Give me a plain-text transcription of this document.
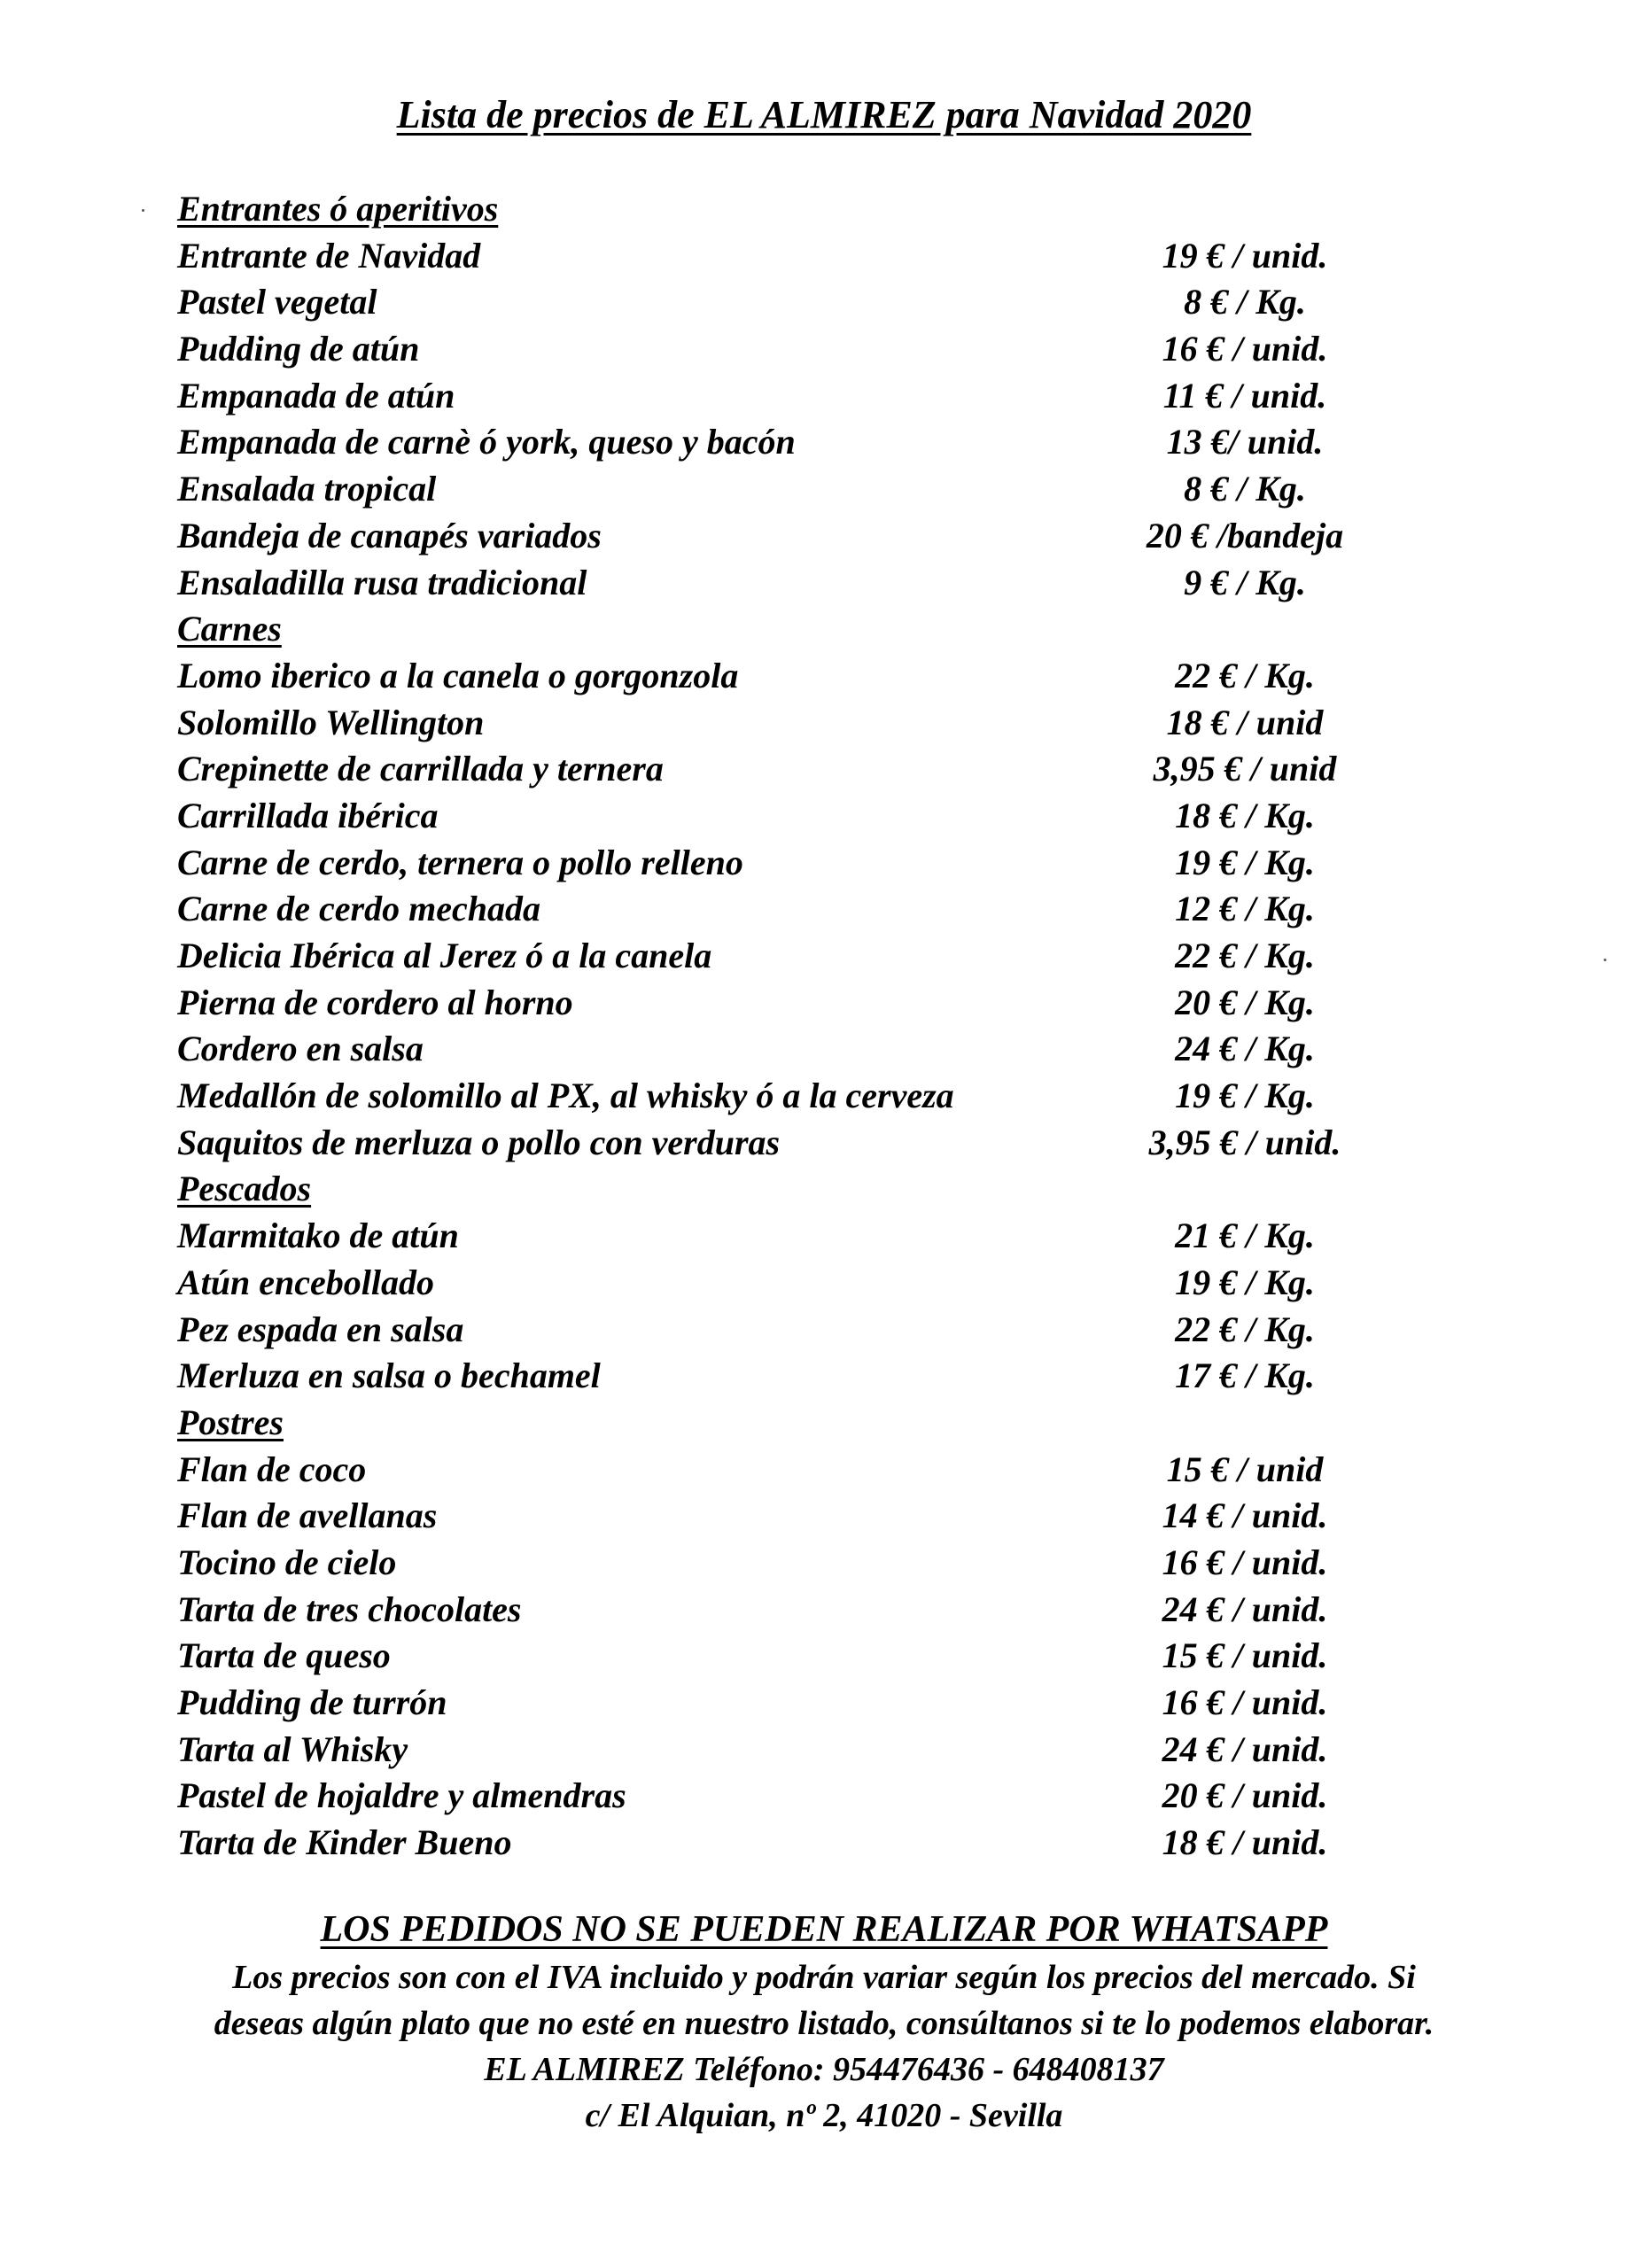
Lista de precios de EL ALMIREZ para Navidad 2020
Entrantes ó aperitivos
Entrante de Navidad	19 € / unid.
Pastel vegetal	8 € / Kg.
Pudding de atún	16 € / unid.
Empanada de atún	11 € / unid.
Empanada de carnè ó york, queso y bacón	13 €/ unid.
Ensalada tropical	8 € / Kg.
Bandeja de canapés variados	20 € /bandeja
Ensaladilla rusa tradicional	9 € / Kg.
Carnes
Lomo iberico a la canela o gorgonzola	22 € / Kg.
Solomillo Wellington	18 € / unid
Crepinette de carrillada y ternera	3,95 € / unid
Carrillada ibérica	18 € / Kg.
Carne de cerdo, ternera o pollo relleno	19 € / Kg.
Carne de cerdo mechada	12 € / Kg.
Delicia Ibérica al Jerez ó a la canela	22 € / Kg.
Pierna de cordero al horno	20 € / Kg.
Cordero en salsa	24 € / Kg.
Medallón de solomillo al PX, al whisky ó a la cerveza	19 € / Kg.
Saquitos de merluza o pollo con verduras	3,95 € / unid.
Pescados
Marmitako de atún	21 € / Kg.
Atún encebollado	19 € / Kg.
Pez espada en salsa	22 € / Kg.
Merluza en salsa o bechamel	17 € / Kg.
Postres
Flan de coco	15 € / unid
Flan de avellanas	14 € / unid.
Tocino de cielo	16 € / unid.
Tarta de tres chocolates	24 € / unid.
Tarta de queso	15 € / unid.
Pudding de turrón	16 € / unid.
Tarta al Whisky	24 € / unid.
Pastel de hojaldre y almendras	20 € / unid.
Tarta de Kinder Bueno	18 € / unid.

LOS PEDIDOS NO SE PUEDEN REALIZAR POR WHATSAPP

Los precios son con el IVA incluido y podrán variar según los precios del mercado. Si deseas algún plato que no esté en nuestro listado, consúltanos si te lo podemos elaborar.

EL ALMIREZ Teléfono: 954476436 - 648408137

c/ El Alquian, nº 2, 41020 - Sevilla
